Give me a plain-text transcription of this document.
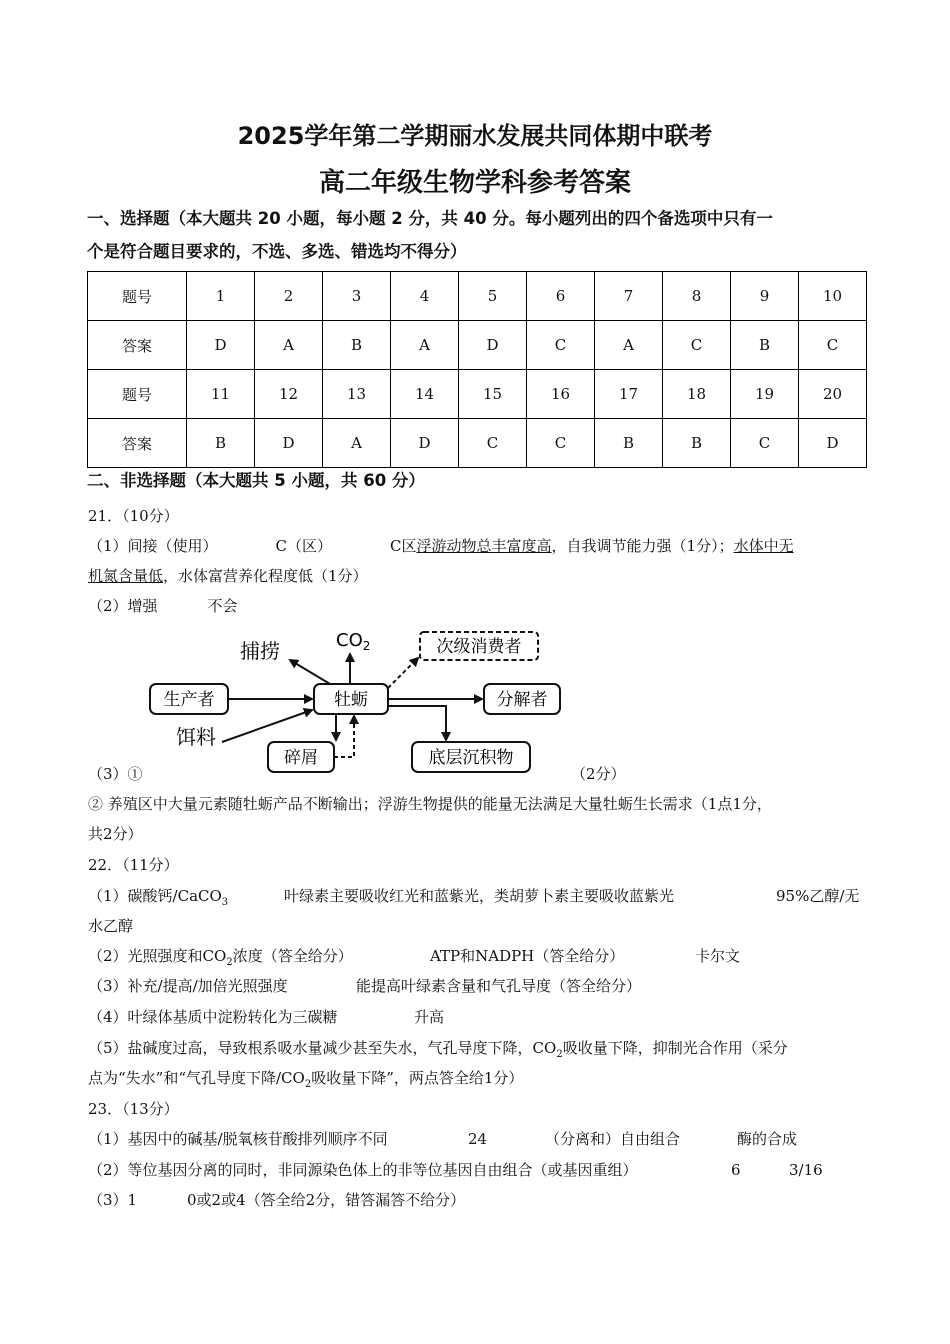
2025学年第二学期丽水发展共同体期中联考
高二年级生物学科参考答案
一、选择题（本大题共 20 小题，每小题 2 分，共 40 分。每小题列出的四个备选项中只有一
个是符合题目要求的，不选、多选、错选均不得分）
题号	1	2	3	4	5	6	7	8	9	10
答案	D	A	B	A	D	C	A	C	B	C
题号	11	12	13	14	15	16	17	18	19	20
答案	B	D	A	D	C	C	B	B	C	D
二、非选择题（本大题共 5 小题，共 60 分）
21．（10分）
（1）间接（使用）	C（区）	C区浮游动物总丰富度高，自我调节能力强（1分）；水体中无
机氮含量低，水体富营养化程度低（1分）
（2）增强	不会
生产者	牡蛎
捕捞	$CO_2$	次级消费者
分解者
饵料
碎屑	底层沉积物
（3）①	（2分）
② 养殖区中大量元素随牡蛎产品不断输出；浮游生物提供的能量无法满足大量牡蛎生长需求（1点1分，
共2分）
22．（11分）
（1）碳酸钙/CaCO$_3$	叶绿素主要吸收红光和蓝紫光，类胡萝卜素主要吸收蓝紫光	95%乙醇/无
水乙醇
（2）光照强度和$CO_2$浓度（答全给分）	ATP和NADPH（答全给分）	卡尔文
（3）补充/提高/加倍光照强度	能提高叶绿素含量和气孔导度（答全给分）
（4）叶绿体基质中淀粉转化为三碳糖	升高
（5）盐碱度过高，导致根系吸水量减少甚至失水，气孔导度下降，$CO_2$吸收量下降，抑制光合作用（采分
点为“失水”和“气孔导度下降$/CO_2$吸收量下降”，两点答全给1分）
23．（13分）
（1）基因中的碱基/脱氧核苷酸排列顺序不同	24	（分离和）自由组合	酶的合成
（2）等位基因分离的同时，非同源染色体上的非等位基因自由组合（或基因重组）	6	3/16
（3）1	0或2或4（答全给2分，错答漏答不给分）
